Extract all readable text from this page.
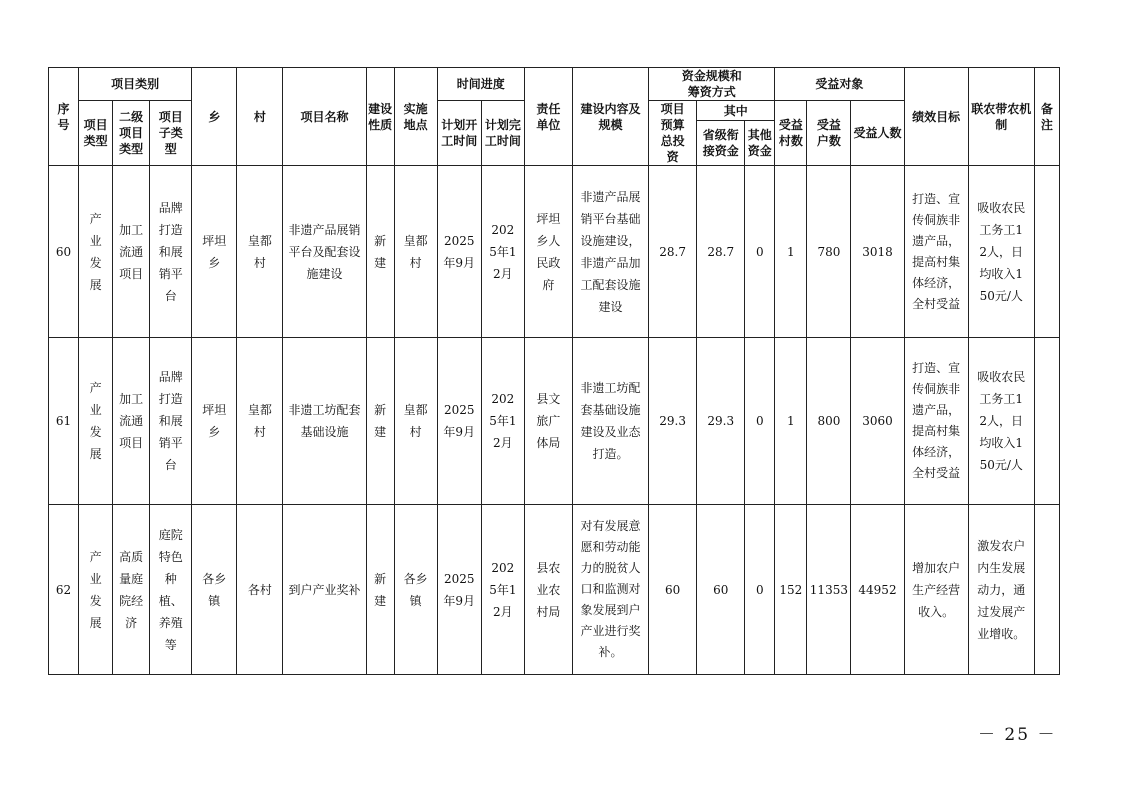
序号	项目类别			乡	村	项目名称	建设性质	实施地点	时间进度		责任单位	建设内容及规模	资金规模和筹资方式			受益对象			绩效目标	联农带农机制	备注

	项目类型	二级项目类型	项目子类型						计划开工时间	计划完工时间			项目预算总投资	其中		受益村数	受益户数	受益人数			

														省级衔接资金	其他资金						

60	产业发展	加工流通项目	品牌打造和展销平台	坪坦乡	皇都村	非遗产品展销平台及配套设施建设	新建	皇都村	2025年9月	2025年12月	坪坦乡人民政府	非遗产品展销平台基础设施建设，非遗产品加工配套设施建设	28.7	28.7	0	1	780	3018	打造、宣传侗族非遗产品，提高村集体经济，全村受益	吸收农民工务工12人，日均收入150元/人	

61	产业发展	加工流通项目	品牌打造和展销平台	坪坦乡	皇都村	非遗工坊配套基础设施	新建	皇都村	2025年9月	2025年12月	县文旅广体局	非遗工坊配套基础设施建设及业态打造。	29.3	29.3	0	1	800	3060	打造、宣传侗族非遗产品，提高村集体经济，全村受益	吸收农民工务工12人，日均收入150元/人	

62	产业发展	高质量庭院经济	庭院特色种植、养殖等	各乡镇	各村	到户产业奖补	新建	各乡镇	2025年9月	2025年12月	县农业农村局	对有发展意愿和劳动能力的脱贫人口和监测对象发展到户产业进行奖补。	60	60	0	152	11353	44952	增加农户生产经营收入。	激发农户内生发展动力，通过发展产业增收。	

－ 25 －
